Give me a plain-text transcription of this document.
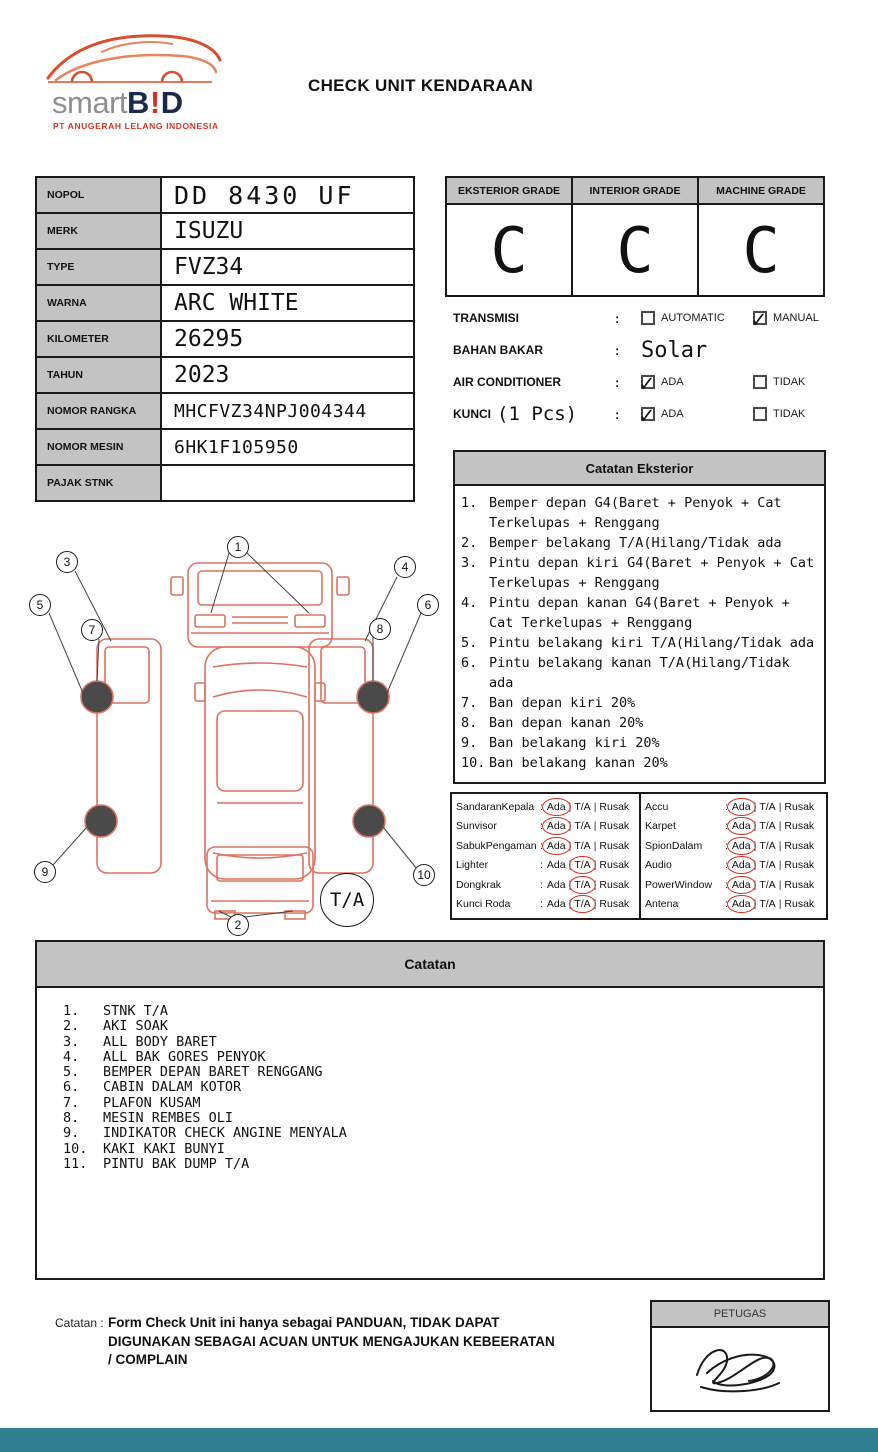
smartB!D
PT ANUGERAH LELANG INDONESIA
CHECK UNIT KENDARAAN
NOPOL	DD 8430 UF
MERK	ISUZU
TYPE	FVZ34
WARNA	ARC WHITE
KILOMETER	26295
TAHUN	2023
NOMOR RANGKA	MHCFVZ34NPJ004344
NOMOR MESIN	6HK1F105950
PAJAK STNK	
EKSTERIOR GRADE	INTERIOR GRADE	MACHINE GRADE
C	C	C
TRANSMISI	:	AUTOMATIC ✓	MANUAL
BAHAN BAKAR	: Solar
AIR CONDITIONER	: ✓	ADA	TIDAK
KUNCI (1 Pcs)	: ✓	ADA	TIDAK
Catatan Eksterior
Bemper depan G4(Baret + Penyok + Cat Terkelupas + Renggang
Bemper belakang T/A(Hilang/Tidak ada
Pintu depan kiri G4(Baret + Penyok + Cat Terkelupas + Renggang
Pintu depan kanan G4(Baret + Penyok + Cat Terkelupas + Renggang
Pintu belakang kiri T/A(Hilang/Tidak ada
Pintu belakang kanan T/A(Hilang/Tidak ada
Ban depan kiri 20%
Ban depan kanan 20%
Ban belakang kiri 20%
Ban belakang kanan 20%
SandaranKepala : Ada | T/A | Rusak
Sunvisor	: Ada | T/A | Rusak
SabukPengaman : Ada | T/A | Rusak
Lighter	: Ada | T/A | Rusak
Dongkrak	: Ada | T/A | Rusak
Kunci Roda	: Ada | T/A | Rusak
Accu	: Ada | T/A | Rusak
Karpet	: Ada | T/A | Rusak
SpionDalam	: Ada | T/A | Rusak
Audio	: Ada | T/A | Rusak
PowerWindow	: Ada | T/A | Rusak
Antena	: Ada | T/A | Rusak
1
3	4
5	6
7	8
9	10
2
T/A
Catatan
STNK T/A
AKI SOAK
ALL BODY BARET
ALL BAK GORES PENYOK
BEMPER DEPAN BARET RENGGANG
CABIN DALAM KOTOR
PLAFON KUSAM
MESIN REMBES OLI
INDIKATOR CHECK ANGINE MENYALA
KAKI KAKI BUNYI
PINTU BAK DUMP T/A
Catatan : Form Check Unit ini hanya sebagai PANDUAN, TIDAK DAPAT DIGUNAKAN SEBAGAI ACUAN UNTUK MENGAJUKAN KEBEERATAN / COMPLAIN
PETUGAS
